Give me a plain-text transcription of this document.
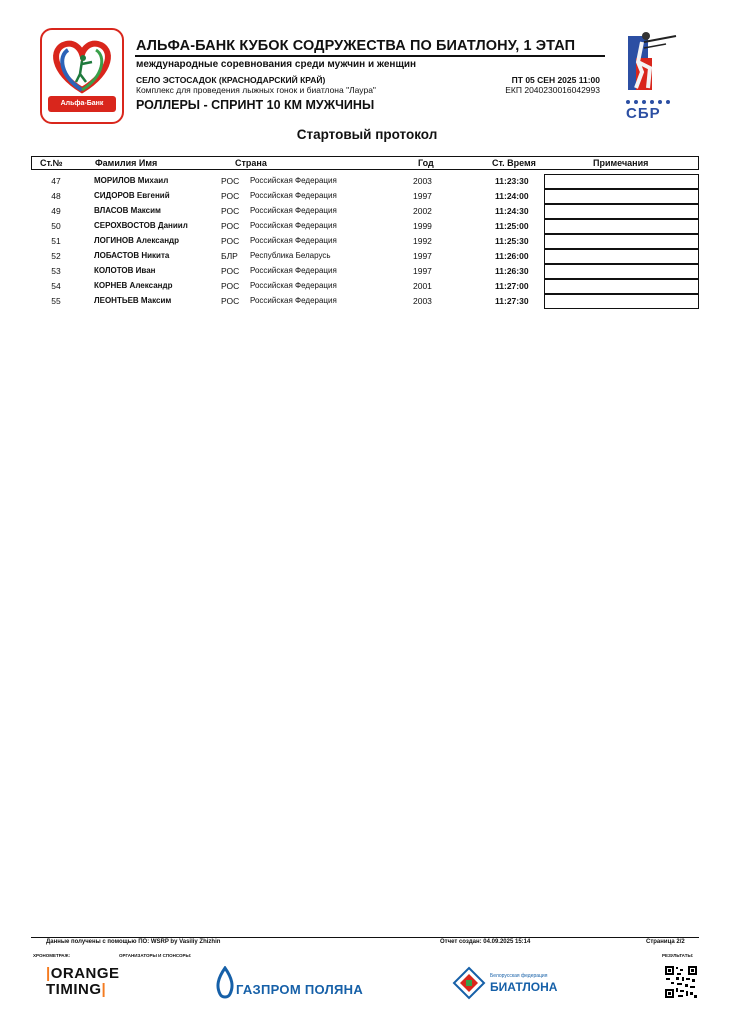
Альфа-Банк
АЛЬФА-БАНК КУБОК СОДРУЖЕСТВА ПО БИАТЛОНУ, 1 ЭТАП
международные соревнования среди мужчин и женщин
СЕЛО ЭСТОСАДОК (КРАСНОДАРСКИЙ КРАЙ)
Комплекс для проведения лыжных гонок и биатлона "Лаура"
ПТ 05 СЕН 2025 11:00
ЕКП 2040230016042993
РОЛЛЕРЫ - СПРИНТ 10 КМ МУЖЧИНЫ	СБР
Стартовый протокол
Ст.№	Фамилия Имя	Страна	Год	Ст. Время	Примечания
47	МОРИЛОВ Михаил	РОС Российская Федерация	2003	11:23:30
48	СИДОРОВ Евгений	РОС Российская Федерация	1997	11:24:00
49	ВЛАСОВ Максим	РОС Российская Федерация	2002	11:24:30
50	СЕРОХВОСТОВ Даниил	РОС Российская Федерация	1999	11:25:00
51	ЛОГИНОВ Александр	РОС Российская Федерация	1992	11:25:30
52	ЛОБАСТОВ Никита	БЛР Республика Беларусь	1997	11:26:00
53	КОЛОТОВ Иван	РОС Российская Федерация	1997	11:26:30
54	КОРНЕВ Александр	РОС Российская Федерация	2001	11:27:00
55	ЛЕОНТЬЕВ Максим	РОС Российская Федерация	2003	11:27:30
Данные получены с помощью ПО: WSRP by Vasiliy Zhizhin	Отчет создан: 04.09.2025 15:14	Страница 2/2
ХРОНОМЕТРАЖ:	ОРГАНИЗАТОРЫ И СПОНСОРЫ:	РЕЗУЛЬТАТЫ:
|ORANGE
TIMING|	ГАЗПРОМ ПОЛЯНА
Белорусская федерация
БИАТЛОНА
